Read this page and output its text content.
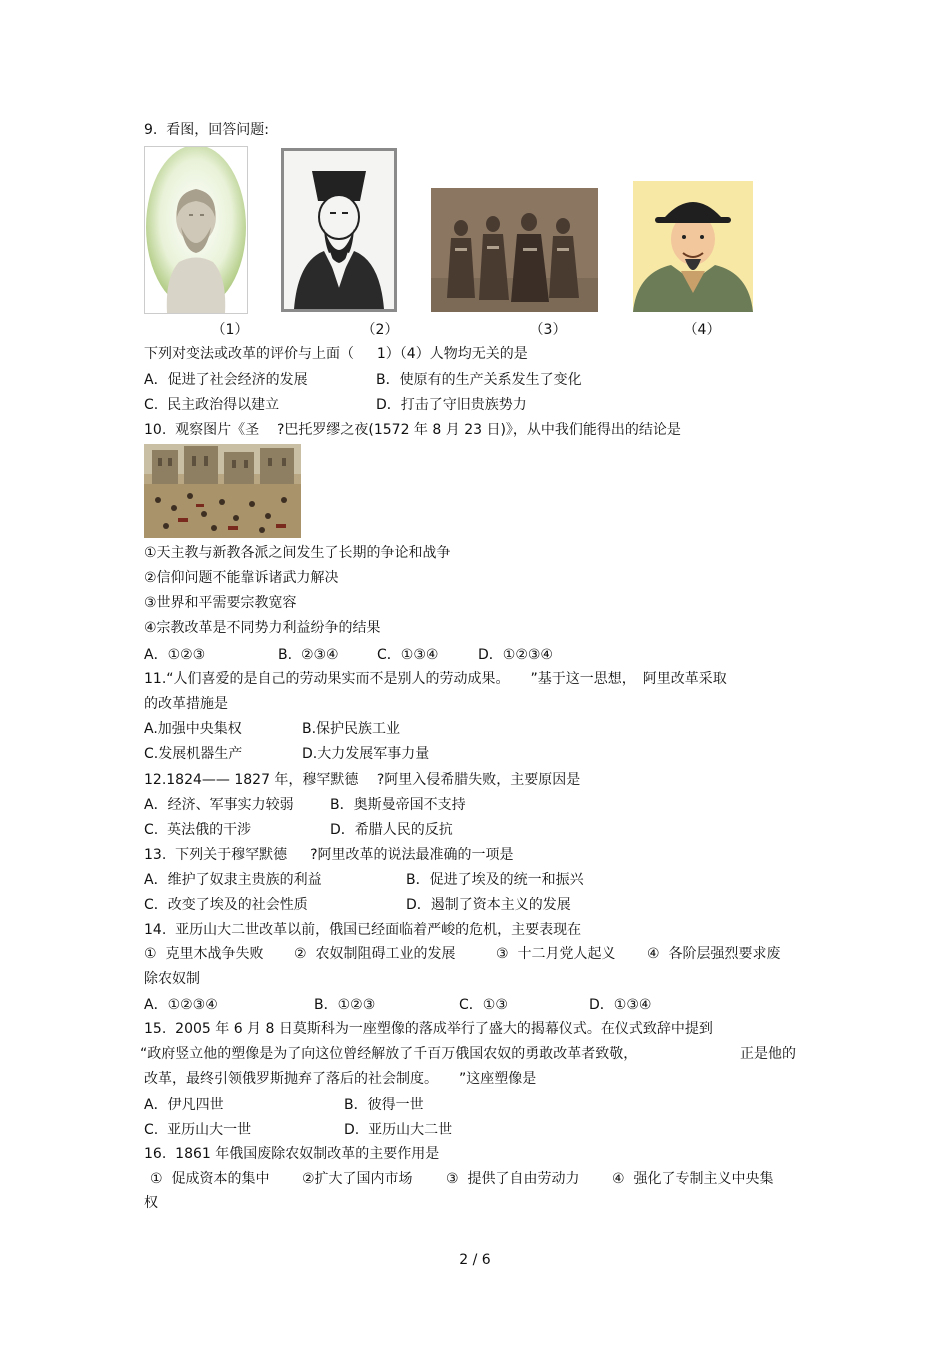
9.  看图，回答问题:
（1）	（2）	（3）	（4）
下列对变法或改革的评价与上面（　  1）（4）人物均无关的是
A．促进了社会经济的发展	B．使原有的生产关系发生了变化
C.  民主政治得以建立	D．打击了守旧贵族势力
10.  观察图片《圣    ?巴托罗缪之夜(1572 年 8 月 23 日)》，从中我们能得出的结论是
①天主教与新教各派之间发生了长期的争论和战争
②信仰问题不能靠诉诸武力解决
③世界和平需要宗教宽容
④宗教改革是不同势力利益纷争的结果
A．①②③	B.  ②③④	C．①③④	D．①②③④
11.“人们喜爱的是自己的劳动果实而不是别人的劳动成果。　　”基于这一思想，　阿里改革采取
的改革措施是
A.加强中央集权	B.保护民族工业
C.发展机器生产	D.大力发展军事力量
12.1824—— 1827 年，穆罕默德　 ?阿里入侵希腊失败，主要原因是
A．经济、军事实力较弱	B．奥斯曼帝国不支持
C.  英法俄的干涉	D．希腊人民的反抗
13.  下列关于穆罕默德　  ?阿里改革的说法最准确的一项是
A．维护了奴隶主贵族的利益	B．促进了埃及的统一和振兴
C．改变了埃及的社会性质	D．遏制了资本主义的发展
14.  亚历山大二世改革以前，俄国已经面临着严峻的危机，主要表现在
①  克里木战争失败 ②  农奴制阻碍工业的发展	③  十二月党人起义 ④  各阶层强烈要求废
除农奴制
A．①②③④	B．①②③	C．①③	D．①③④
15.  2005 年 6 月 8 日莫斯科为一座塑像的落成举行了盛大的揭幕仪式。在仪式致辞中提到
“政府竖立他的塑像是为了向这位曾经解放了千百万俄国农奴的勇敢改革者致敬，	正是他的
改革，最终引领俄罗斯抛弃了落后的社会制度。　　”这座塑像是
A．伊凡四世	B．彼得一世
C.  亚历山大一世	D.  亚历山大二世
16.  1861 年俄国废除农奴制改革的主要作用是
①  促成资本的集中 ②扩大了国内市场 ③  提供了自由劳动力 ④  强化了专制主义中央集
权
2 / 6
